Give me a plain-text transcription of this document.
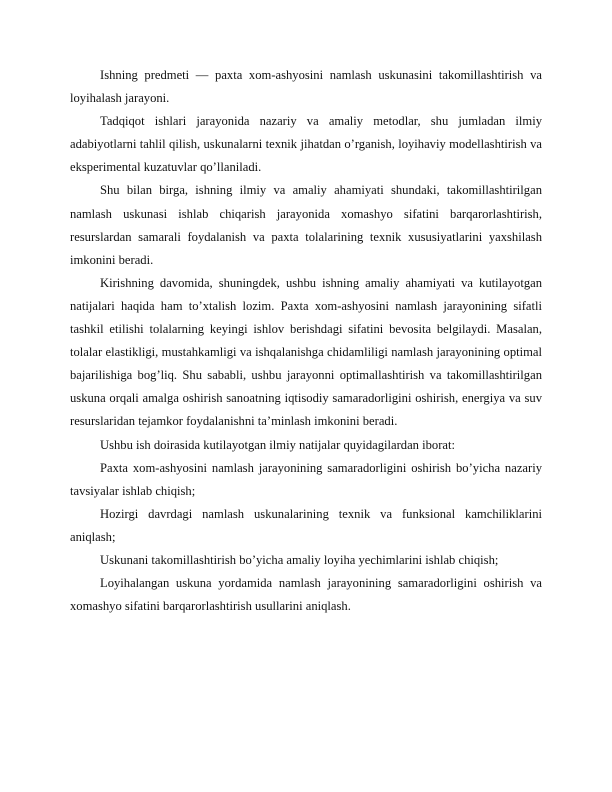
Ishning predmeti — paxta xom-ashyosini namlash uskunasini takomillashtirish va loyihalash jarayoni.

Tadqiqot ishlari jarayonida nazariy va amaliy metodlar, shu jumladan ilmiy adabiyotlarni tahlil qilish, uskunalarni texnik jihatdan o’rganish, loyihaviy modellashtirish va eksperimental kuzatuvlar qo’llaniladi.

Shu bilan birga, ishning ilmiy va amaliy ahamiyati shundaki, takomillashtirilgan namlash uskunasi ishlab chiqarish jarayonida xomashyo sifatini barqarorlashtirish, resurslardan samarali foydalanish va paxta tolalarining texnik xususiyatlarini yaxshilash imkonini beradi.

Kirishning davomida, shuningdek, ushbu ishning amaliy ahamiyati va kutilayotgan natijalari haqida ham to’xtalish lozim. Paxta xom-ashyosini namlash jarayonining sifatli tashkil etilishi tolalarning keyingi ishlov berishdagi sifatini bevosita belgilaydi. Masalan, tolalar elastikligi, mustahkamligi va ishqalanishga chidamliligi namlash jarayonining optimal bajarilishiga bog’liq. Shu sababli, ushbu jarayonni optimallashtirish va takomillashtirilgan uskuna orqali amalga oshirish sanoatning iqtisodiy samaradorligini oshirish, energiya va suv resurslaridan tejamkor foydalanishni ta’minlash imkonini beradi.

Ushbu ish doirasida kutilayotgan ilmiy natijalar quyidagilardan iborat:

Paxta xom-ashyosini namlash jarayonining samaradorligini oshirish bo’yicha nazariy tavsiyalar ishlab chiqish;

Hozirgi davrdagi namlash uskunalarining texnik va funksional kamchiliklarini aniqlash;

Uskunani takomillashtirish bo’yicha amaliy loyiha yechimlarini ishlab chiqish;

Loyihalangan uskuna yordamida namlash jarayonining samaradorligini oshirish va xomashyo sifatini barqarorlashtirish usullarini aniqlash.
